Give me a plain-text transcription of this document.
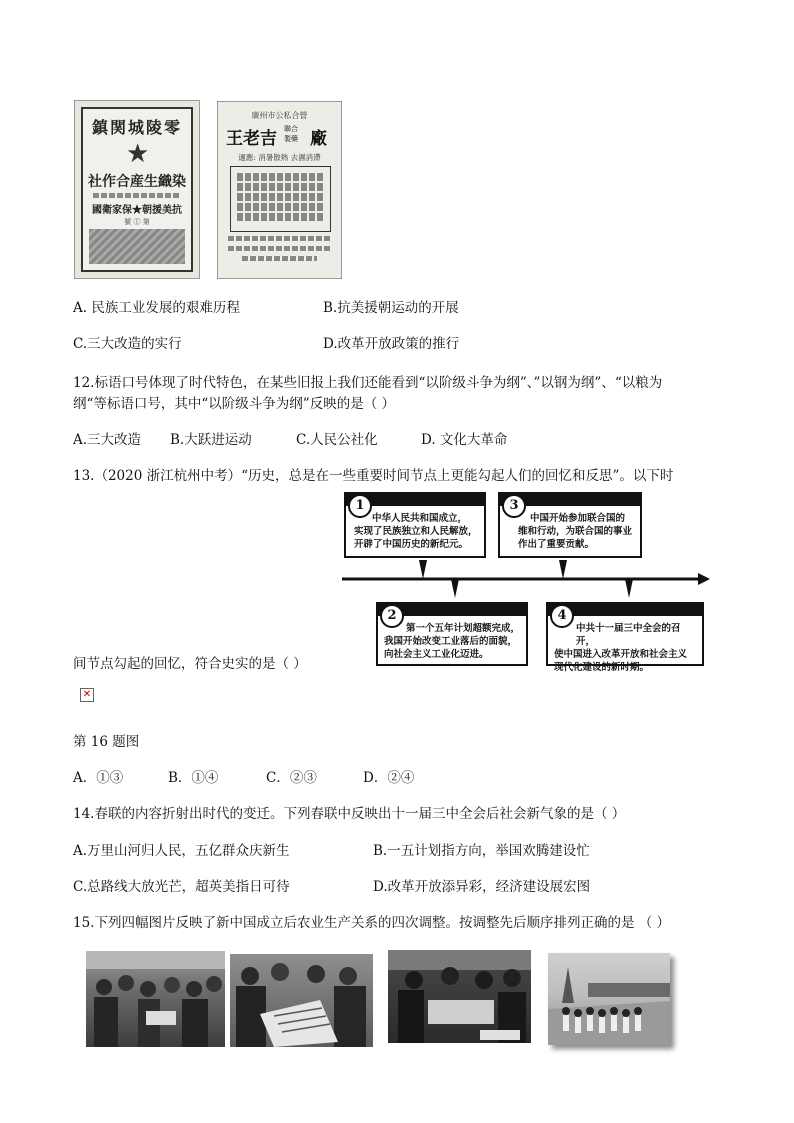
鎮関城陵零
★
社作合産生織染
國衛家保★朝援美抗
號 ① 第
廣州市公私合營
王老吉 聯合
製藥 廠
適應: 消暑散熱 去濕消滯
A. 民族工业发展的艰难历程	B.抗美援朝运动的开展
C.三大改造的实行	D.改革开放政策的推行
12.标语口号体现了时代特色，在某些旧报上我们还能看到“以阶级斗争为纲”、”以钢为纲”、“以粮为
纲“等标语口号，其中“以阶级斗争为纲”反映的是（ ）
A.三大改造 B.大跃进运动	C.人民公社化	D. 文化大革命
13.（2020 浙江杭州中考）“历史，总是在一些重要时间节点上更能勾起人们的回忆和反思”。以下时
1
中华人民共和国成立，
实现了民族独立和人民解放，
开辟了中国历史的新纪元。
3
中国开始参加联合国的
维和行动，为联合国的事业
作出了重要贡献。
2
第一个五年计划超额完成，
我国开始改变工业落后的面貌，
向社会主义工业化迈进。
4
中共十一届三中全会的召开，
使中国进入改革开放和社会主义
现代化建设的新时期。
间节点勾起的回忆，符合史实的是（ ）
✕
第 16 题图
A．①③	B．①④	C．②③	D．②④
14.春联的内容折射出时代的变迁。下列春联中反映出十一届三中全会后社会新气象的是（ ）
A.万里山河归人民，五亿群众庆新生	B.一五计划指方向，举国欢腾建设忙
C.总路线大放光芒，超英美指日可待	D.改革开放添异彩，经济建设展宏图
15.下列四幅图片反映了新中国成立后农业生产关系的四次调整。按调整先后顺序排列正确的是 （ ）
